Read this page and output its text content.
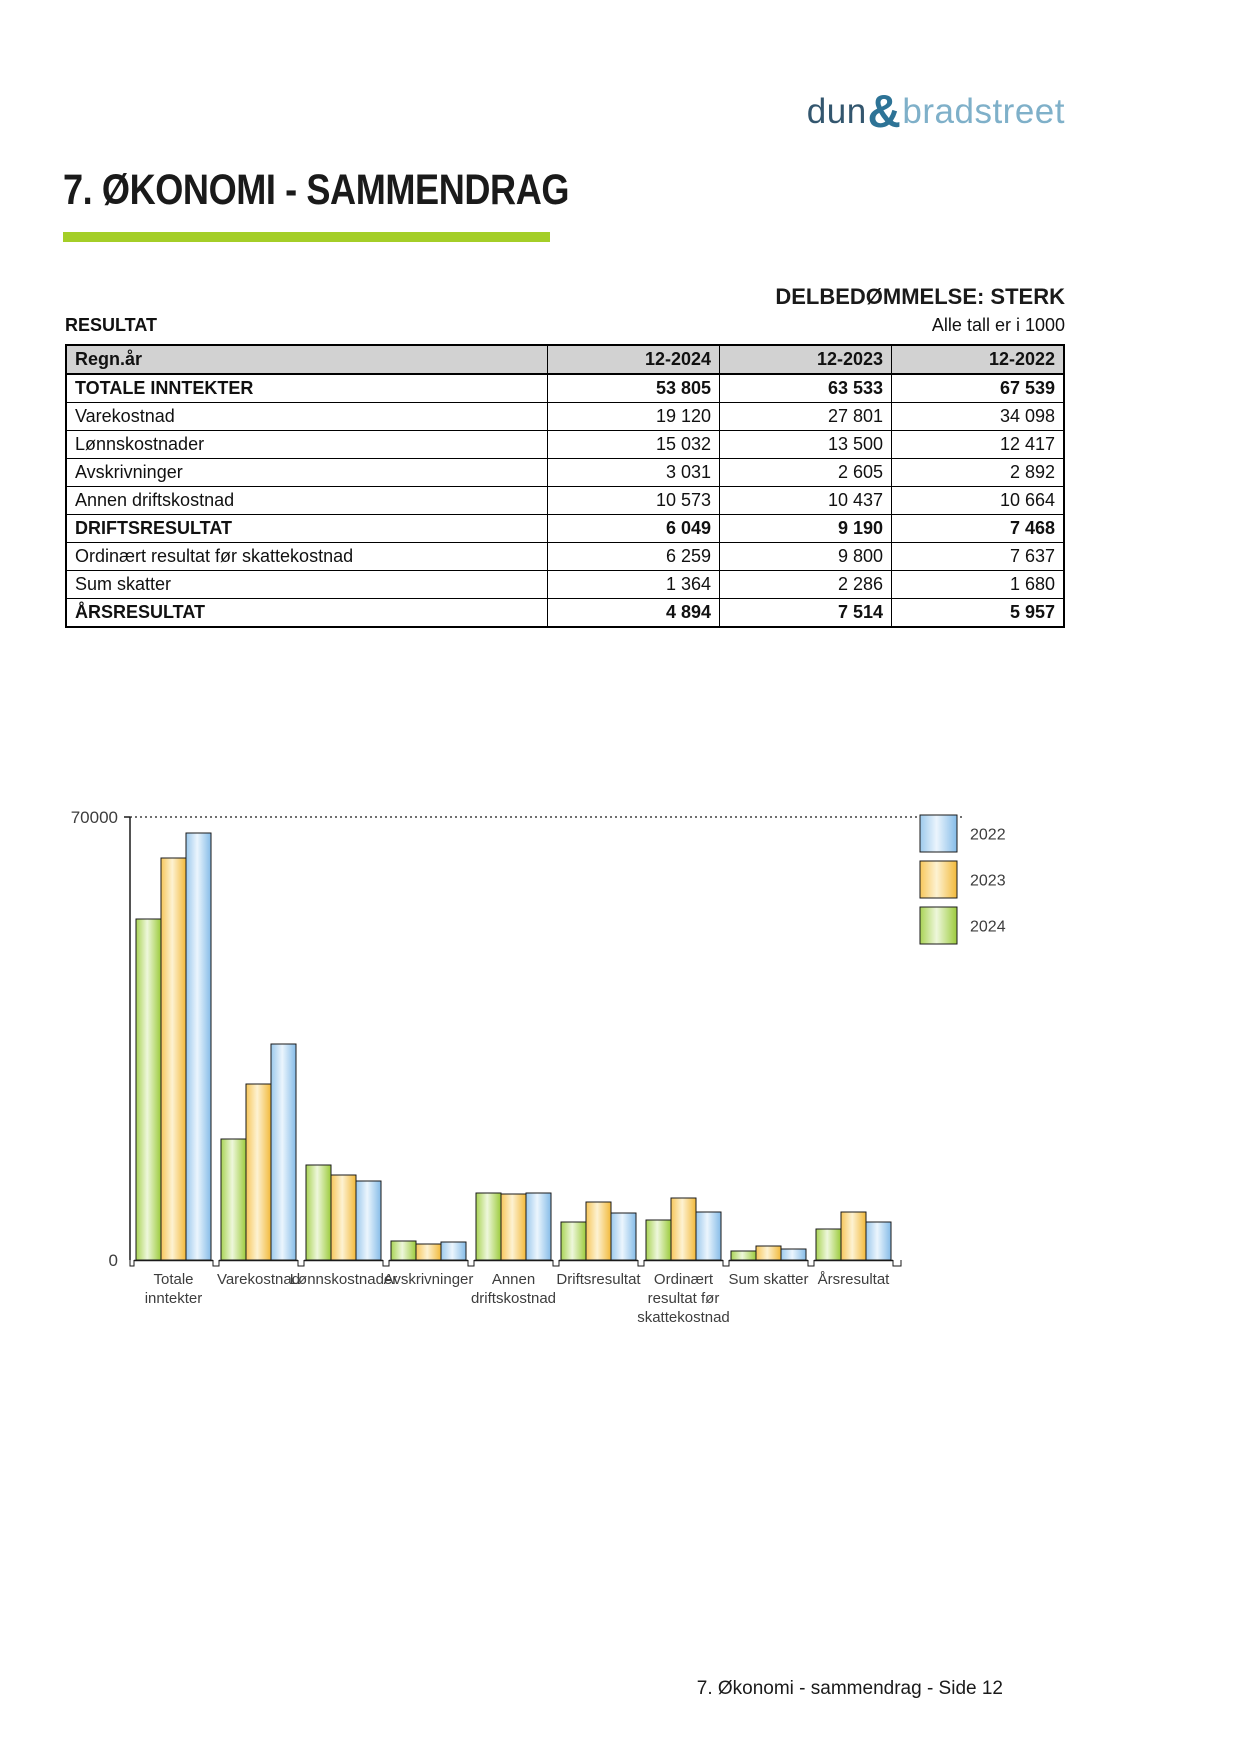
dun&bradstreet
7. ØKONOMI - SAMMENDRAG
DELBEDØMMELSE: STERK
RESULTAT	Alle tall er i 1000
Regn.år	12-2024	12-2023	12-2022
TOTALE INNTEKTER	53 805	63 533	67 539
Varekostnad	19 120	27 801	34 098
Lønnskostnader	15 032	13 500	12 417
Avskrivninger	3 031	2 605	2 892
Annen driftskostnad	10 573	10 437	10 664
DRIFTSRESULTAT	6 049	9 190	7 468
Ordinært resultat før skattekostnad	6 259	9 800	7 637
Sum skatter	1 364	2 286	1 680
ÅRSRESULTAT	4 894	7 514	5 957
70000
0
Totale
inntekter
Varekostnad
Lønnskostnader
Avskrivninger Annen
driftskostnad
Driftsresultat Ordinært
resultat før
skattekostnad
Sum skatter Årsresultat
2022
2023
2024
7. Økonomi - sammendrag - Side 12
